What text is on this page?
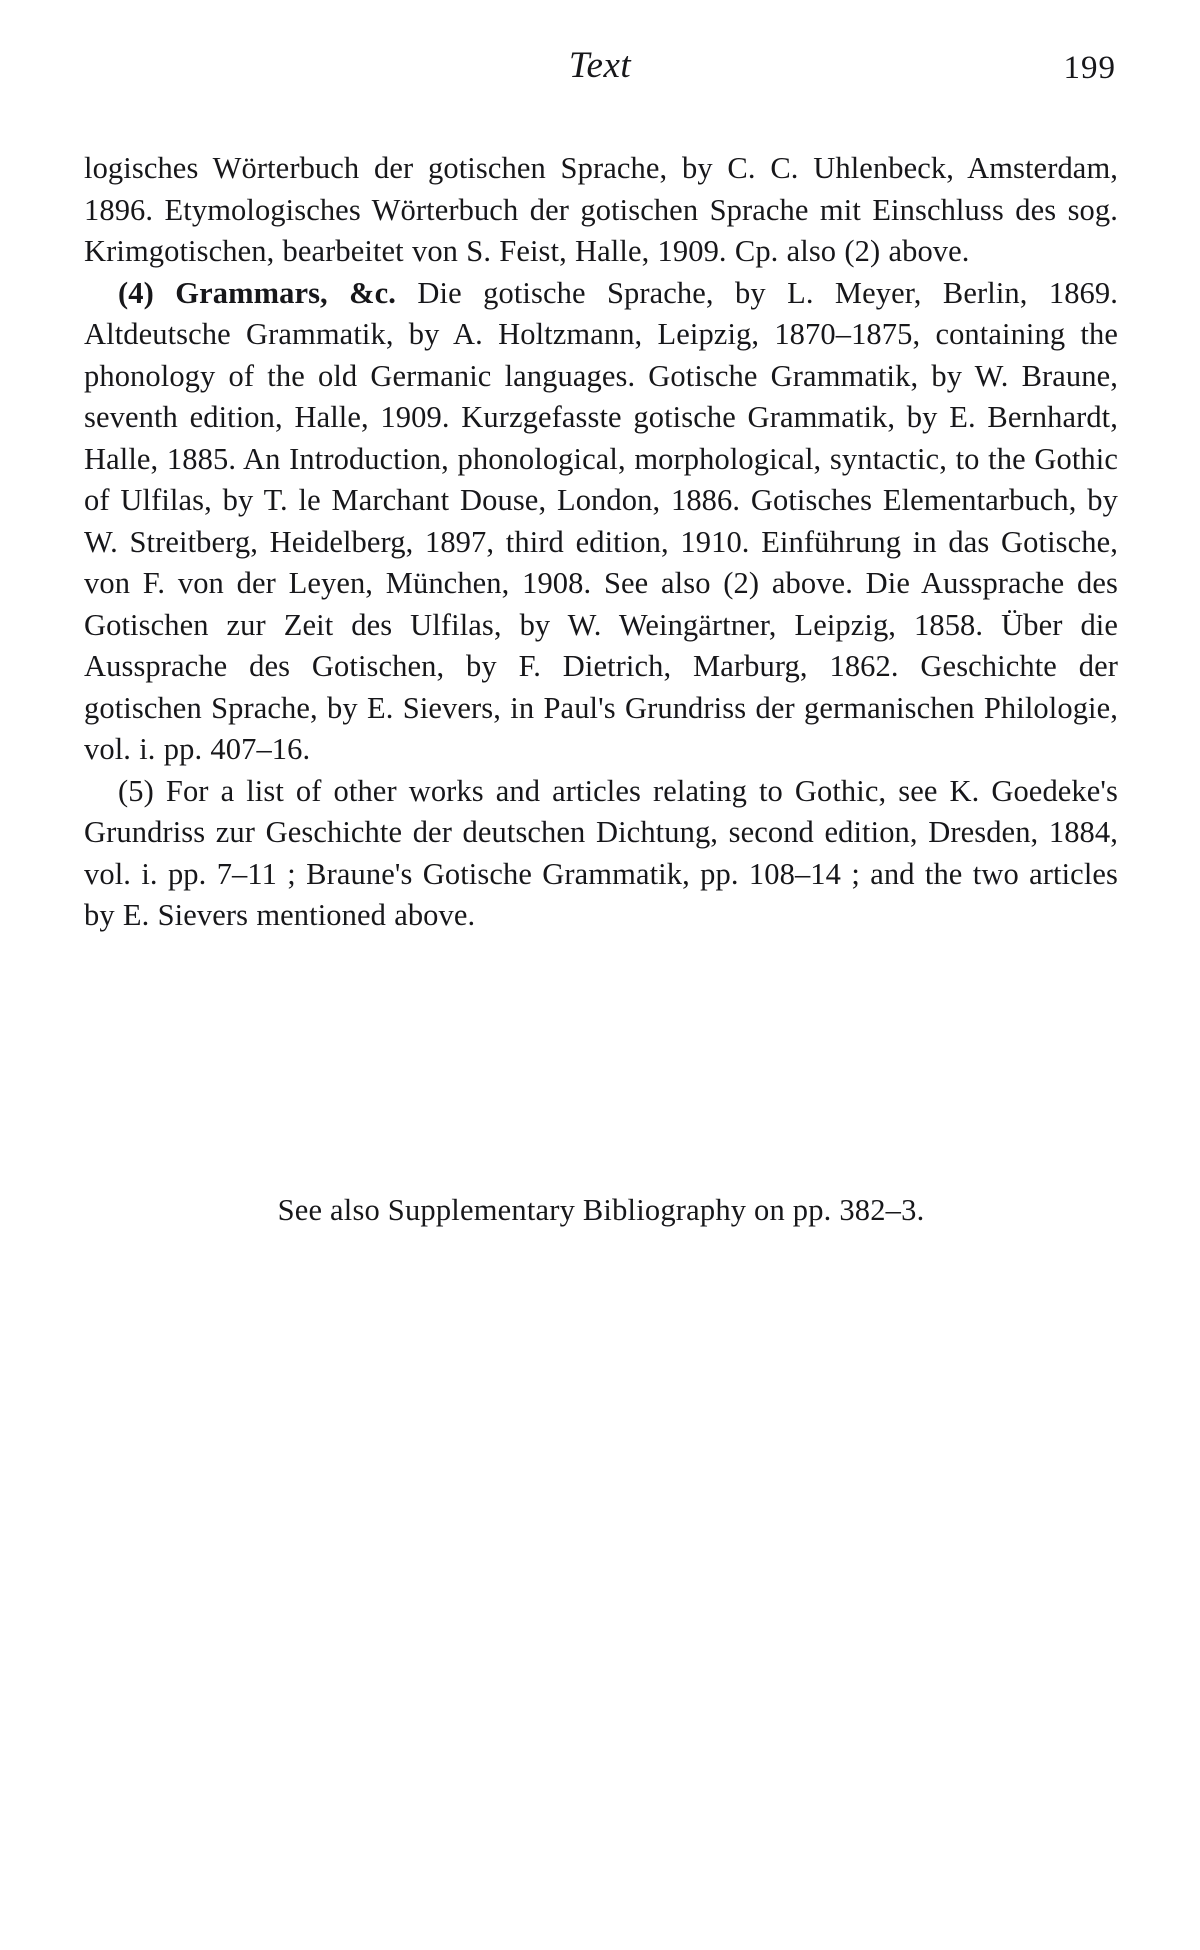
Text	199

logisches Wörterbuch der gotischen Sprache, by C. C. Uhlenbeck, Amsterdam, 1896. Etymologisches Wörterbuch der gotischen Sprache mit Einschluss des sog. Krimgotischen, bearbeitet von S. Feist, Halle, 1909. Cp. also (2) above.

(4) Grammars, &c. Die gotische Sprache, by L. Meyer, Berlin, 1869. Altdeutsche Grammatik, by A. Holtzmann, Leipzig, 1870–1875, containing the phonology of the old Germanic languages. Gotische Grammatik, by W. Braune, seventh edition, Halle, 1909. Kurzgefasste gotische Grammatik, by E. Bernhardt, Halle, 1885. An Introduction, phonological, morphological, syntactic, to the Gothic of Ulfilas, by T. le Marchant Douse, London, 1886. Gotisches Elementarbuch, by W. Streitberg, Heidelberg, 1897, third edition, 1910. Einführung in das Gotische, von F. von der Leyen, München, 1908. See also (2) above. Die Aussprache des Gotischen zur Zeit des Ulfilas, by W. Weingärtner, Leipzig, 1858. Über die Aussprache des Gotischen, by F. Dietrich, Marburg, 1862. Geschichte der gotischen Sprache, by E. Sievers, in Paul's Grundriss der germanischen Philologie, vol. i. pp. 407–16.

(5) For a list of other works and articles relating to Gothic, see K. Goedeke's Grundriss zur Geschichte der deutschen Dichtung, second edition, Dresden, 1884, vol. i. pp. 7–11 ; Braune's Gotische Grammatik, pp. 108–14 ; and the two articles by E. Sievers mentioned above.

See also Supplementary Bibliography on pp. 382–3.
